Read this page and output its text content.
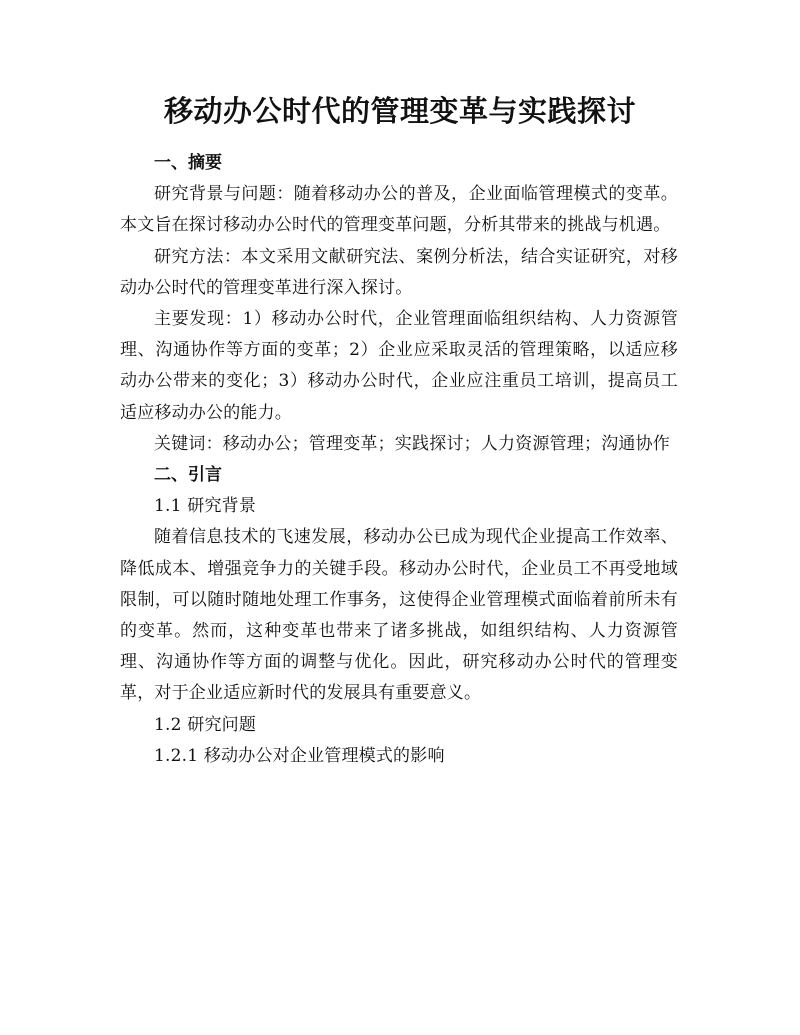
移动办公时代的管理变革与实践探讨
一、摘要

研究背景与问题：随着移动办公的普及，企业面临管理模式的变革。本文旨在探讨移动办公时代的管理变革问题，分析其带来的挑战与机遇。

研究方法：本文采用文献研究法、案例分析法，结合实证研究，对移动办公时代的管理变革进行深入探讨。

主要发现：1）移动办公时代，企业管理面临组织结构、人力资源管理、沟通协作等方面的变革；2）企业应采取灵活的管理策略，以适应移动办公带来的变化；3）移动办公时代，企业应注重员工培训，提高员工适应移动办公的能力。

关键词：移动办公；管理变革；实践探讨；人力资源管理；沟通协作

二、引言

1.1 研究背景

随着信息技术的飞速发展，移动办公已成为现代企业提高工作效率、降低成本、增强竞争力的关键手段。移动办公时代，企业员工不再受地域限制，可以随时随地处理工作事务，这使得企业管理模式面临着前所未有的变革。然而，这种变革也带来了诸多挑战，如组织结构、人力资源管理、沟通协作等方面的调整与优化。因此，研究移动办公时代的管理变革，对于企业适应新时代的发展具有重要意义。

1.2 研究问题

1.2.1 移动办公对企业管理模式的影响
